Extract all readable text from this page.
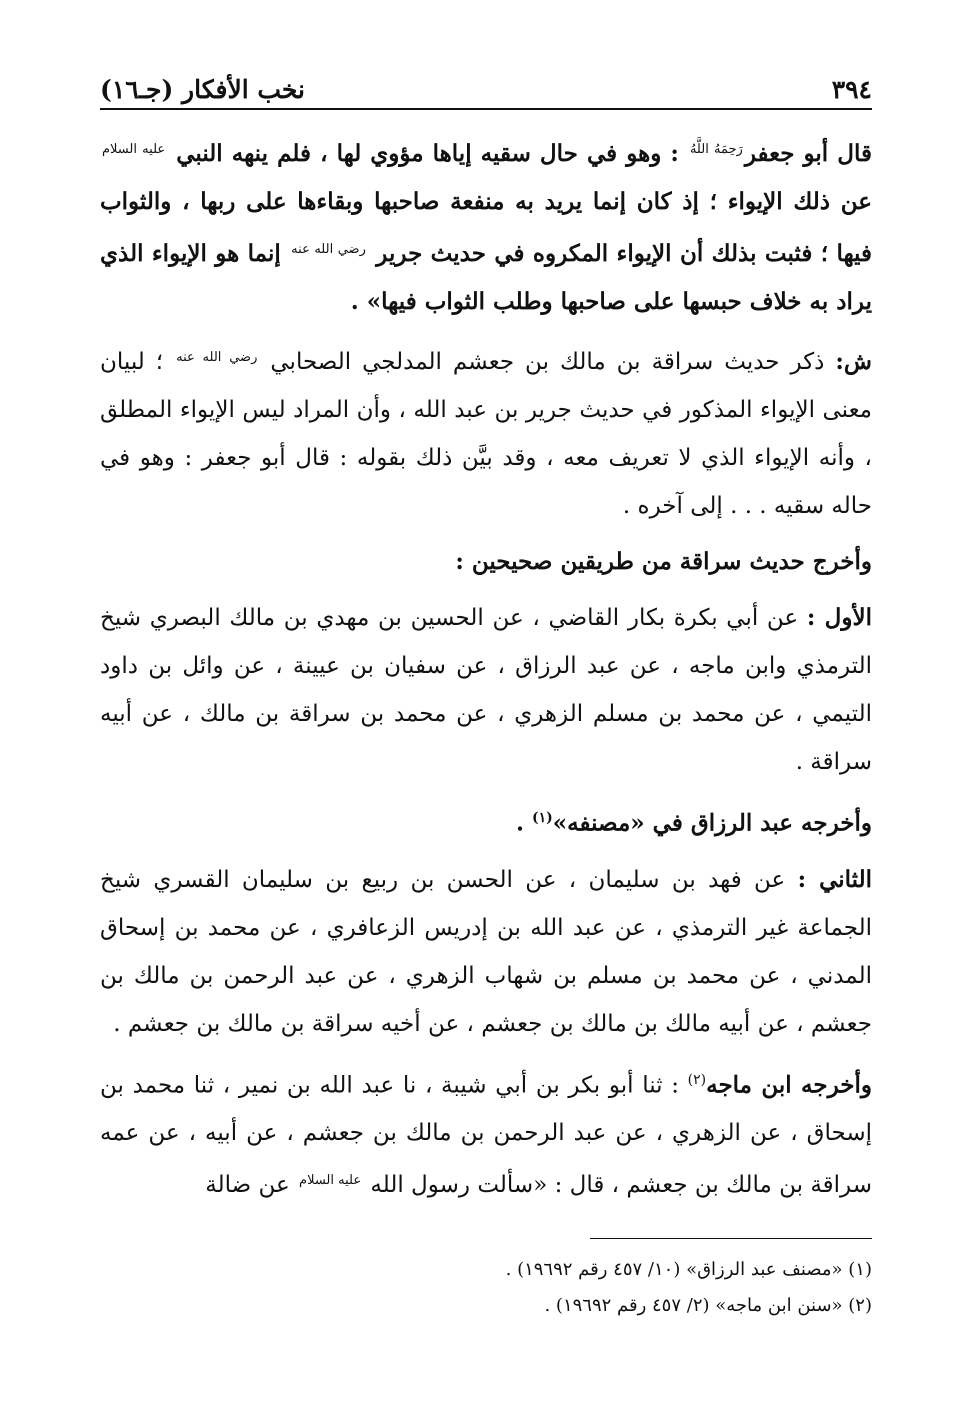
٣٩٤
نخب الأفكار (جـ١٦)

قال أبو جعفر$^{رَحِمَهُ اللَّهُ}$ : وهو في حال سقيه إياها مؤوي لها ، فلم ينهه النبي $^{عليه السلام}$ عن ذلك الإيواء ؛ إذ كان إنما يريد به منفعة صاحبها وبقاءها على ربها ، والثواب فيها ؛ فثبت بذلك أن الإيواء المكروه في حديث جرير $^{رضي الله عنه}$ إنما هو الإيواء الذي يراد به خلاف حبسها على صاحبها وطلب الثواب فيها» .

ش: ذكر حديث سراقة بن مالك بن جعشم المدلجي الصحابي $^{رضي الله عنه}$ ؛ لبيان معنى الإيواء المذكور في حديث جرير بن عبد الله ، وأن المراد ليس الإيواء المطلق ، وأنه الإيواء الذي لا تعريف معه ، وقد بيَّن ذلك بقوله : قال أبو جعفر : وهو في حاله سقيه . . . إلى آخره .

وأخرج حديث سراقة من طريقين صحيحين :

الأول : عن أبي بكرة بكار القاضي ، عن الحسين بن مهدي بن مالك البصري شيخ الترمذي وابن ماجه ، عن عبد الرزاق ، عن سفيان بن عيينة ، عن وائل بن داود التيمي ، عن محمد بن مسلم الزهري ، عن محمد بن سراقة بن مالك ، عن أبيه سراقة .

وأخرجه عبد الرزاق في «مصنفه»$^{(١)}$ .

الثاني : عن فهد بن سليمان ، عن الحسن بن ربيع بن سليمان القسري شيخ الجماعة غير الترمذي ، عن عبد الله بن إدريس الزعافري ، عن محمد بن إسحاق المدني ، عن محمد بن مسلم بن شهاب الزهري ، عن عبد الرحمن بن مالك بن جعشم ، عن أبيه مالك بن مالك بن جعشم ، عن أخيه سراقة بن مالك بن جعشم .

وأخرجه ابن ماجه$^{(٢)}$ : ثنا أبو بكر بن أبي شيبة ، نا عبد الله بن نمير ، ثنا محمد بن إسحاق ، عن الزهري ، عن عبد الرحمن بن مالك بن جعشم ، عن أبيه ، عن عمه سراقة بن مالك بن جعشم ، قال : «سألت رسول الله $^{عليه السلام}$ عن ضالة

(١) «مصنف عبد الرزاق» (١٠/ ٤٥٧ رقم ١٩٦٩٢) .
(٢) «سنن ابن ماجه» (٢/ ٤٥٧ رقم ١٩٦٩٢) .
